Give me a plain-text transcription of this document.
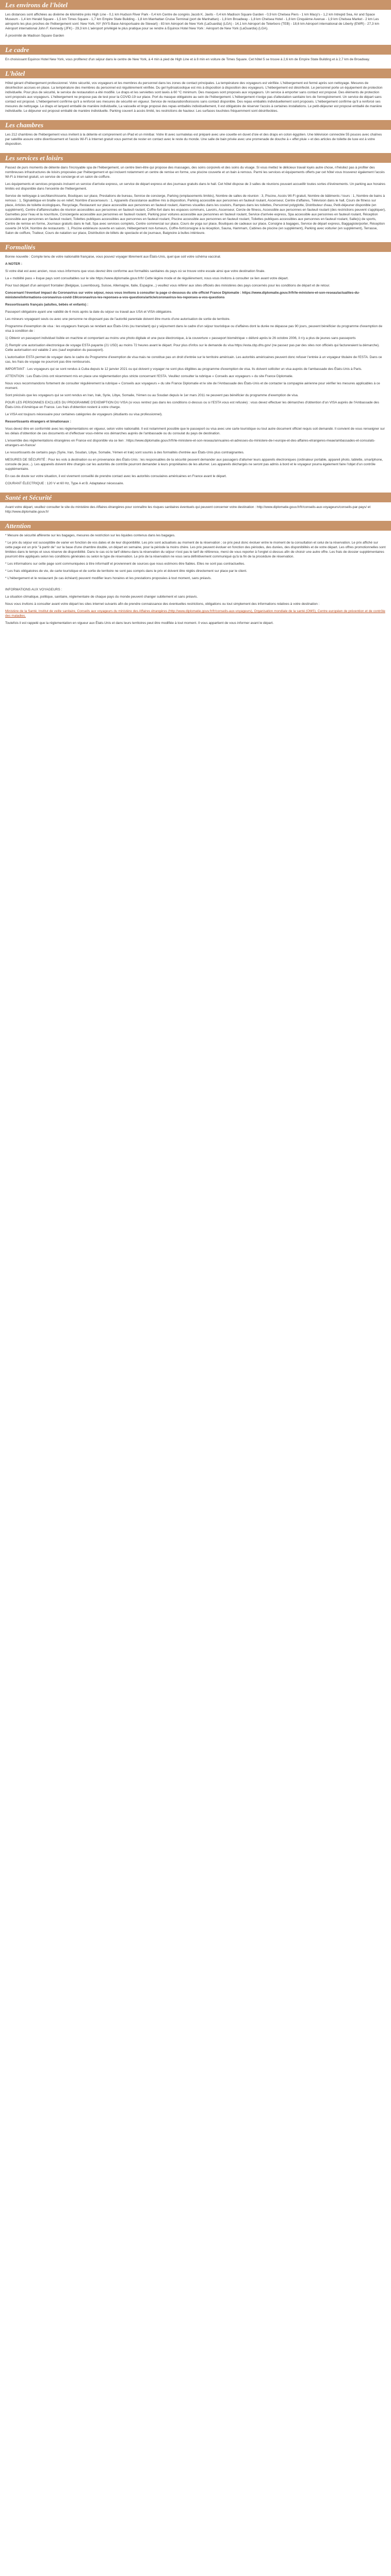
Les environs de l'hôtel

Les distances sont affichées au dixième de kilomètre près High Line - 0,1 km Hudson River Park - 0,4 km Centre de congrès Jacob K. Javits - 0,4 km Madison Square Garden - 0,9 km Chelsea Piers - 1 km Macy's - 1,2 km Intrepid Sea, Air and Space Museum - 1,4 km Herald Square - 1,5 km Times Square - 1,7 km Empire State Building - 1,8 km Manhattan Cruise Terminal (port de Manhattan) - 1,8 km Broadway - 1,8 km Chelsea Hotel - 1,8 km Cinquième Avenue - 1,9 km Chelsea Market - 2 km Les aéroports les plus proches de l'hébergement sont: New York, NY (NYS-Base Aéroportuaire de Stewart) - 83 km Aéroport de New York (LaGuardia) (LGA) - 14,1 km Aéroport de Teterboro (TEB) - 18,6 km Aéroport international de Liberty (EWR) - 27,3 km Aéroport international John F. Kennedy (JFK) - 29,3 km L'aéroport privilégié le plus pratique pour se rendre à Equinox Hotel New York : Aéroport de New York (LaGuardia) (LGA).

À proximité de Madison Square Garden

Le cadre

En choisissant Equinox Hotel New York, vous profiterez d'un séjour dans le centre de New York, à 4 min à pied de High Line et à 8 min en voiture de Times Square. Cet hôtel 5 se trouve à 2,6 km de Empire State Building et à 2,7 km de Broadway.

L'hôtel

Hôtel gérant d'hébergement professionnel. Votre sécurité, vos voyageurs et les membres du personnel dans les zones de contact principales. La température des voyageurs est vérifiée. L'hébergement est fermé après son nettoyage. Mesures de désinfection accrues en place. La température des membres du personnel est régulièrement vérifiée. Du gel hydroalcoolique est mis à disposition à disposition des voyageurs. L'hébergement est désinfecté. Le personnel porte un équipement de protection individuelle. Pour plus de sécurité, le service de restauration a été modifié. Le draps et les serviettes sont lavés à 60 °C minimum. Des masques sont proposés aux voyageurs. Un service à emporter sans contact est proposé. Des éléments de protection sont proposés aux voyageurs. L'hébergement ne propose pas de test pour la COVID-19 sur place. Port du masque obligatoire au sein de l'hébergement. L'hébergement n'exige pas d'attestation sanitaire lors de l'enregistrement. Un service de départ sans contact est proposé. L'hébergement confirme qu'il a renforcé ses mesures de sécurité en vigueur. Service de restauration/boissons sans contact disponible. Des repas emballés individuellement sont proposés. L'hébergement confirme qu'il a renforcé ses mesures de nettoyage. Le draps et lanyard emballé de manière individuelle, La vaisselle et linge proposé des repas emballés individuellement, Il est obligatoire de réserver l'accès à certaines installations. Le petit-déjeuner est proposé emballé de manière individuelle. Le déjeuner est proposé emballé de manière individuelle. Parking couvert à accès limité, les restrictions de hauteur. Les surfaces touchées fréquemment sont désinfectées.

Les chambres

Les 212 chambres de l'hébergement vous invitent à la détente et comprennent un iPad et un minibar. Votre lit avec surmatelas est préparé avec une couette en duvet d'oie et des draps en coton égyptien. Une télévision connectée 55 pouces avec chaînes par satellite assure votre divertissement et l'accès Wi-Fi à Internet gratuit vous permet de rester en contact avec le reste du monde. Une salle de bain privée avec une promenade de douche à « effet pluie » et des articles de toilette de luxe est à votre disposition.

Les services et loisirs

Passez de purs moments de détente dans l'incroyable spa de l'hébergement, un centre bien-être qui propose des massages, des soins corporels et des soins du visage. Si vous mettez le délicieux travail loyés autre chose, n'hésitez pas à profiter des nombreuses infrastructures de loisirs proposées par l'hébergement et qui incluent notamment un centre de remise en forme, une piscine couverte et un bain à remous. Parmi les services et équipements offerts par cet hôtel vous trouverez également l'accès Wi-Fi à Internet gratuit, un service de concierge et un salon de coiffure.

Les équipements et services proposés incluent un service d'arrivée express, un service de départ express et des journaux gratuits dans le hall. Cet hôtel dispose de 3 salles de réunions pouvant accueillir toutes sortes d'événements. Un parking aux horaires limités est disponible dans l'enceinte de l'hébergement.

Service de nettoyage à sec/blanchisserie, Boutiques sur place, Prestations de bureau, Service de concierge, Parking (emplacements limités), Nombre de salles de réunion : 3, Piscine, Accès Wi-Fi gratuit, Nombre de bâtiments / tours : 1, Nombre de bains à remous : 1, Signalétique en braille ou en relief, Nombre d'ascenseurs : 1, Appareils d'assistance auditive mis à disposition, Parking accessible aux personnes en fauteuil roulant, Ascenseur, Centre d'affaires, Télévision dans le hall, Cours de fitness sur place, Articles de toilette écologiques, Recyclage, Restaurant sur place accessible aux personnes en fauteuil roulant, Alarmes visuelles dans les couloirs, Rampes dans les toilettes, Personnel polyglotte, Distributeur d'eau, Petit-déjeuner disponible (en supplément), Centre d'affaires/salles de réunion accessibles aux personnes en fauteuil roulant, Coffre-fort dans les espaces communs, Lavoirs, Ascenseur, Cercle de fitness, Accessible aux personnes en fauteuil roulant (des restrictions peuvent s'appliquer), Garnettes pour l'eau et la nourriture, Conciergerie accessible aux personnes en fauteuil roulant, Parking pour voitures accessible aux personnes en fauteuil roulant, Service d'arrivée express, Spa accessible aux personnes en fauteuil roulant, Réception accessible aux personnes en fauteuil roulant, Toilettes publiques accessibles aux personnes en fauteuil roulant, Piscine accessible aux personnes en fauteuil roulant, Toilettes publiques accessibles aux personnes en fauteuil roulant, Salle(s) de sports, Centre de remise en forme, Journaux gratuits dans le hall, Spa avec services complets, Centre commercial sur place, Cours de yoga sur place, Boutiques de cadeaux sur place, Consigne à bagages, Service de départ express, Baggagiste/porter, Réception ouverte 24 h/24, Nombre de restaurants : 1, Piscine extérieure ouverte en saison, Hébergement non-fumeurs, Coffre-fort/consigne à la réception, Sauna, Hammam, Cabines de piscine (en supplément), Parking avec voiturier (en supplément), Terrasse, Salon de coiffure, Traiteur, Cours de natation sur place, Distribution de billets de spectacle et de journaux, Baignoire à bulles intérieure.

Formalités

Bonne nouvelle : Compte tenu de votre nationalité française, vous pouvez voyager librement aux États-Unis, quel que soit votre schéma vaccinal.

A NOTER :

Si votre état est avec ancien, nous vous informons que vous devrez être conforme aux formalités sanitaires du pays où se trouve votre escale ainsi que votre destination finale.

La « mobilité pass » lisque pays sont consultables sur le site https://www.diplomatie.gouv.fr/fr/ Cette légère mode et de régulièrement, nous vous invitons à consulter ce lien avant votre départ.

Pour tout départ d'un aéroport frontalier (Belgique, Luxembourg, Suisse, Allemagne, Italie, Espagne...) veuillez vous référer aux sites officiels des ministères des pays concernés pour les conditions de départ et de retour.

Concernant l'éventuel impact du Coronavirus sur votre séjour, nous vous invitons à consulter la page ci-dessous du site officiel France Diplomatie : https://www.diplomatie.gouv.fr/fr/le-ministere-et-son-reseau/actualites-du-ministere/informations-coronavirus-covid-19/coronavirus-les-reponses-a-vos-questions/article/coronavirus-les-reponses-a-vos-questions

Ressortissants français (adultes, bébés et enfants) :

Passeport obligatoire ayant une validité de 6 mois après la date du séjour ou travail aux USA et VISA obligatoire.

Les mineurs voyageant seuls ou avec une personne ne disposant pas de l'autorité parentale doivent être munis d'une autorisation de sortie de territoire.

Programme d'exemption de visa : les voyageurs français se rendant aux États-Unis (ou transitant) qui y séjournent dans le cadre d'un séjour touristique ou d'affaires dont la durée ne dépasse pas 90 jours, peuvent bénéficier du programme d'exemption de visa à condition de :

1) Obtenir un passeport individuel lisible en machine et comportant au moins une photo digitale et une puce électronique, à la couverture « passeport biométrique » délivré après le 26 octobre 2006, il n'y a plus de jeunes sans passeports

2) Remplir une autorisation électronique de voyage ESTA payante (21 USD) au moins 72 heures avant le départ. Pour plus d'infos sur le demande du visa https://esta.cbp.dhs.gov/ (ne passez pas par des sites non officiels qui factureraient la démarche). Cette autorisation est valable 2 ans (sauf expiration du passeport).

L'autorisation ESTA permet de voyager dans le cadre du Programme d'exemption de visa mais ne constitue pas un droit d'entrée sur le territoire américain. Les autorités américaines peuvent donc refuser l'entrée à un voyageur titulaire de l'ESTA. Dans ce cas, les frais de voyage ne pourront pas être remboursés.

IMPORTANT : Les voyageurs qui se sont rendus à Cuba depuis le 12 janvier 2021 ou qui doivent y voyager ne sont plus éligibles au programme d'exemption de visa. Ils doivent solliciter un visa auprès de l'ambassade des États-Unis à Paris.

ATTENTION : Les États-Unis ont récemment mis en place une réglementation plus stricte concernant l'ESTA. Veuillez consulter la rubrique « Conseils aux voyageurs » du site France Diplomatie.

Nous vous recommandons fortement de consulter régulièrement la rubrique « Conseils aux voyageurs » du site France Diplomatie et le site de l'Ambassade des États-Unis et de contacter la compagnie aérienne pour vérifier les mesures applicables à ce moment.

Sont précisés que les voyageurs qui se sont rendus en Iran, Irak, Syrie, Libye, Somalie, Yémen ou au Soudan depuis le 1er mars 2011 ne peuvent pas bénéficier du programme d'exemption de visa.

POUR LES PERSONNES EXCLUES DU PROGRAMME D'EXEMPTION DU VISA (si vous rentrez pas dans les conditions ci-dessus ou si l'ESTA vous est refusée) : vous devez effectuer les démarches d'obtention d'un VISA auprès de l'Ambassade des États-Unis d'Amérique en France. Les frais d'obtention restent à votre charge.

Le VISA est toujours nécessaire pour certaines catégories de voyageurs (étudiants ou visa professionnel).

Ressortissants étrangers et binationaux :

Vous devez être en conformité avec les réglementations en vigueur, selon votre nationalité. Il est notamment possible que le passeport ou visa avec une carte touristique ou tout autre document officiel requis soit demandé. Il convient de vous renseigner sur les délais d'obtention de ces documents et d'effectuer vous-même vos démarches auprès de l'ambassade ou du consulat du pays de destination.

L'ensemble des réglementations étrangères en France est disponible via ce lien : https://www.diplomatie.gouv.fr/fr/le-ministere-et-son-reseau/annuaires-et-adresses-du-ministere-de-l-europe-et-des-affaires-etrangeres-meae/ambassades-et-consulats-etrangers-en-france/

Le ressortissants de certains pays (Syrie, Iran, Soudan, Libye, Somalie, Yémen et Irak) sont soumis à des formalités d'entrée aux États-Unis plus contraignantes.

MESURES DE SÉCURITÉ : Pour les vols à destination ou en provenance des États-Unis : les responsables de la sécurité peuvent demander aux passagers d'allumer leurs appareils électroniques (ordinateur portable, appareil photo, tablette, smartphone, console de jeux...). Les appareils doivent être chargés car les autorités de contrôle pourront demander à leurs propriétaires de les allumer. Les appareils déchargés ne seront pas admis à bord et le voyageur pourra également faire l'objet d'un contrôle supplémentaire.

En cas de doute sur votre situation, il est vivement conseillé de prendre contact avec les autorités consulaires américaines en France avant le départ.

COURANT ÉLECTRIQUE : 120 V et 60 Hz, Type A et B. Adaptateur nécessaire.

Santé et Sécurité

Avant votre départ, veuillez consulter le site du ministère des Affaires étrangères pour connaître les risques sanitaires éventuels qui peuvent concerner votre destination : http://www.diplomatie.gouv.fr/fr/conseils-aux-voyageurs/conseils-par-pays/ et http://www.diplomatie.gouv.fr/

Attention

* Mesure de sécurité afférente sur les bagages, mesures de restriction sur les liquides contenus dans les bagages.

* Le prix du séjour est susceptible de varier en fonction de vos dates et de leur disponibilité. Les prix sont actualisés au moment de la réservation ; ce prix peut donc évoluer entre le moment de la consultation et celui de la réservation. Le prix affiché sur cette page est un prix "à partir de" sur la base d'une chambre double, un départ en semaine, pour la période la moins chère. Les prix peuvent évoluer en fonction des périodes, des durées, des disponibilités et de votre départ. Les offres promotionnelles sont limitées dans le temps et sous réserve de disponibilité. Dans le cas où le tarif obtenu dans la réservation du séjour n'est pas le tarif de référence, merci de vous reporter à l'onglet ci-dessus afin de choisir une autre offre. Les frais de dossier supplémentaires pourront être appliqués selon les conditions générales ou selon le type de réservation. Le prix de la réservation ne vous sera définitivement communiqué qu'à la fin de la procédure de réservation.

* Les informations sur cette page sont communiquées à titre informatif et proviennent de sources que nous estimons être fiables. Elles ne sont pas contractuelles.

* Les frais obligatoires de vie, de carte touristique et de sortie de territoire ne sont pas compris dans le prix et doivent être réglés directement sur place par le client.

* L'hébergement et le restaurant (le cas échéant) peuvent modifier leurs horaires et les prestations proposées à tout moment, sans préavis.

INFORMATIONS AUX VOYAGEURS :

La situation climatique, politique, sanitaire, réglementaire de chaque pays du monde peuvent changer subitement et sans préavis.

Nous vous invitons à consulter avant votre départ les sites internet suivants afin de prendre connaissance des éventuelles restrictions, obligations ou tout simplement des informations relatives à votre destination :

Ministère de la Santé, Institut de veille sanitaire, Conseils aux voyageurs du ministère des Affaires étrangères (http://www.diplomatie.gouv.fr/fr/conseils-aux-voyageurs), Organisation mondiale de la santé (OMS), Centre européen de prévention et de contrôle des maladies.

Toutefois il est rappelé que la réglementation en vigueur aux États-Unis et dans leurs territoires peut être modifiée à tout moment. Il vous appartient de vous informer avant le départ.
